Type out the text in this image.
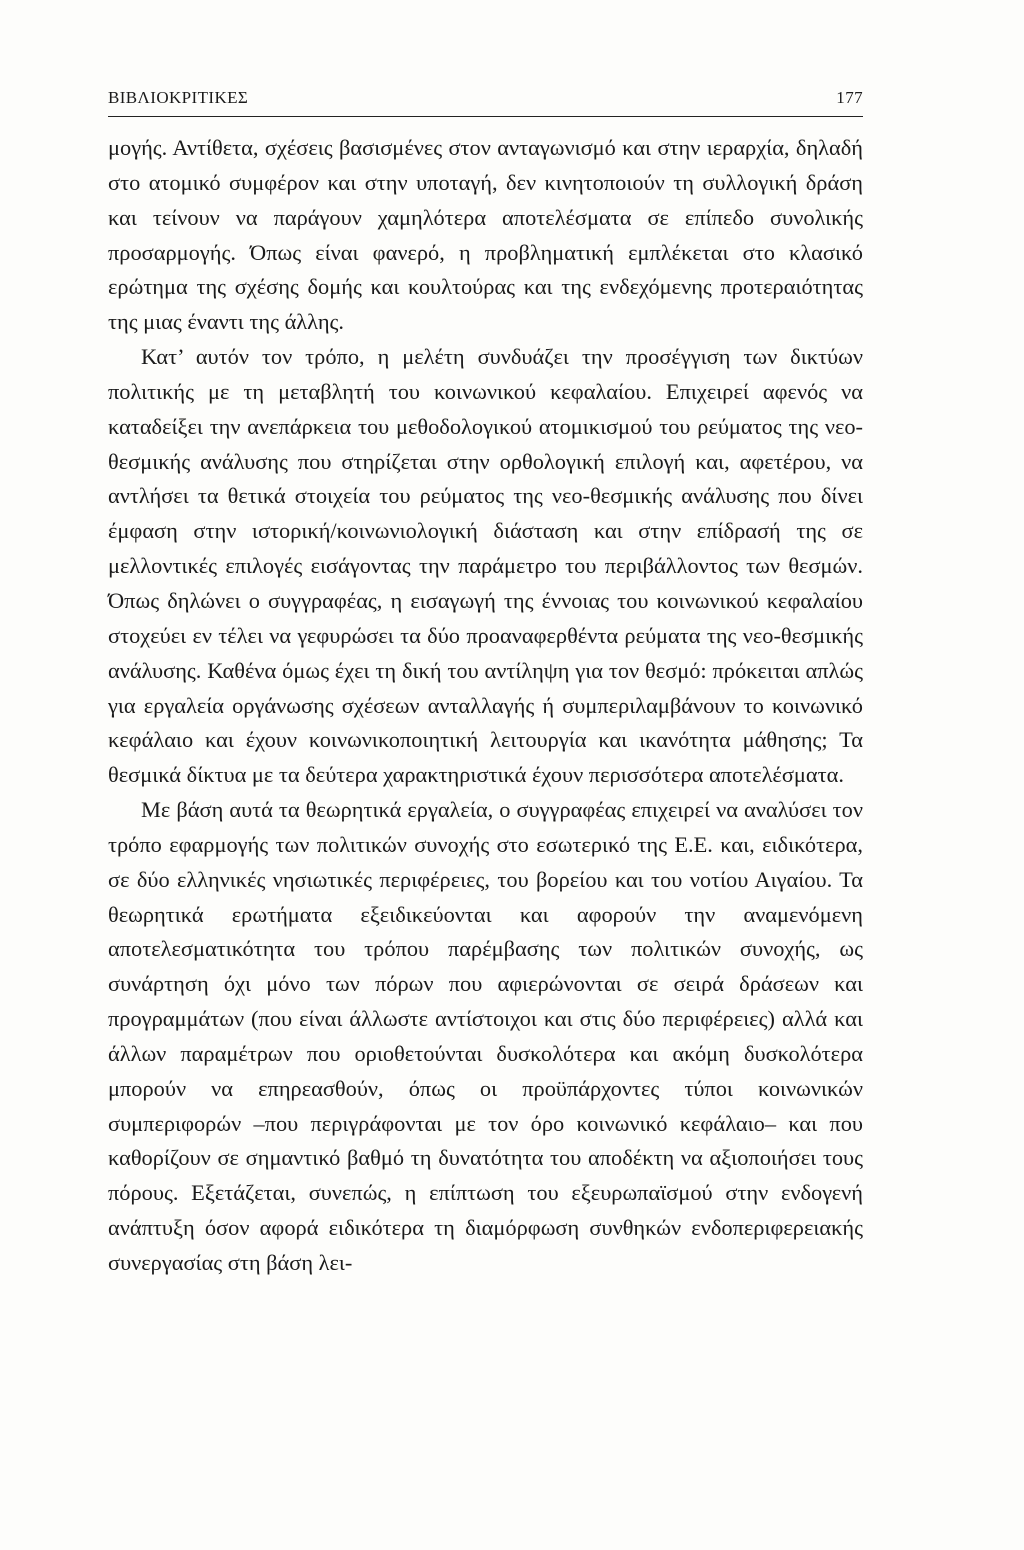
ΒΙΒΛΙΟΚΡΙΤΙΚΕΣ	177

μογής. Αντίθετα, σχέσεις βασισμένες στον ανταγωνισμό και στην ιεραρχία, δηλαδή στο ατομικό συμφέρον και στην υποταγή, δεν κινητοποιούν τη συλλογική δράση και τείνουν να παράγουν χαμηλότερα αποτελέσματα σε επίπεδο συνολικής προσαρμογής. Όπως είναι φανερό, η προβληματική εμπλέκεται στο κλασικό ερώτημα της σχέσης δομής και κουλτούρας και της ενδεχόμενης προτεραιότητας της μιας έναντι της άλλης.

Κατ’ αυτόν τον τρόπο, η μελέτη συνδυάζει την προσέγγιση των δικτύων πολιτικής με τη μεταβλητή του κοινωνικού κεφαλαίου. Επιχειρεί αφενός να καταδείξει την ανεπάρκεια του μεθοδολογικού ατομικισμού του ρεύματος της νεο-θεσμικής ανάλυσης που στηρίζεται στην ορθολογική επιλογή και, αφετέρου, να αντλήσει τα θετικά στοιχεία του ρεύματος της νεο-θεσμικής ανάλυσης που δίνει έμφαση στην ιστορική/κοινωνιολογική διάσταση και στην επίδρασή της σε μελλοντικές επιλογές εισάγοντας την παράμετρο του περιβάλλοντος των θεσμών. Όπως δηλώνει ο συγγραφέας, η εισαγωγή της έννοιας του κοινωνικού κεφαλαίου στοχεύει εν τέλει να γεφυρώσει τα δύο προαναφερθέντα ρεύματα της νεο-θεσμικής ανάλυσης. Καθένα όμως έχει τη δική του αντίληψη για τον θεσμό: πρόκειται απλώς για εργαλεία οργάνωσης σχέσεων ανταλλαγής ή συμπεριλαμβάνουν το κοινωνικό κεφάλαιο και έχουν κοινωνικοποιητική λειτουργία και ικανότητα μάθησης; Τα θεσμικά δίκτυα με τα δεύτερα χαρακτηριστικά έχουν περισσότερα αποτελέσματα.

Με βάση αυτά τα θεωρητικά εργαλεία, ο συγγραφέας επιχειρεί να αναλύσει τον τρόπο εφαρμογής των πολιτικών συνοχής στο εσωτερικό της Ε.Ε. και, ειδικότερα, σε δύο ελληνικές νησιωτικές περιφέρειες, του βορείου και του νοτίου Αιγαίου. Τα θεωρητικά ερωτήματα εξειδικεύονται και αφορούν την αναμενόμενη αποτελεσματικότητα του τρόπου παρέμβασης των πολιτικών συνοχής, ως συνάρτηση όχι μόνο των πόρων που αφιερώνονται σε σειρά δράσεων και προγραμμάτων (που είναι άλλωστε αντίστοιχοι και στις δύο περιφέρειες) αλλά και άλλων παραμέτρων που οριοθετούνται δυσκολότερα και ακόμη δυσκολότερα μπορούν να επηρεασθούν, όπως οι προϋπάρχοντες τύποι κοινωνικών συμπεριφορών –που περιγράφονται με τον όρο κοινωνικό κεφάλαιο– και που καθορίζουν σε σημαντικό βαθμό τη δυνατότητα του αποδέκτη να αξιοποιήσει τους πόρους. Εξετάζεται, συνεπώς, η επίπτωση του εξευρωπαϊσμού στην ενδογενή ανάπτυξη όσον αφορά ειδικότερα τη διαμόρφωση συνθηκών ενδοπεριφερειακής συνεργασίας στη βάση λει-
